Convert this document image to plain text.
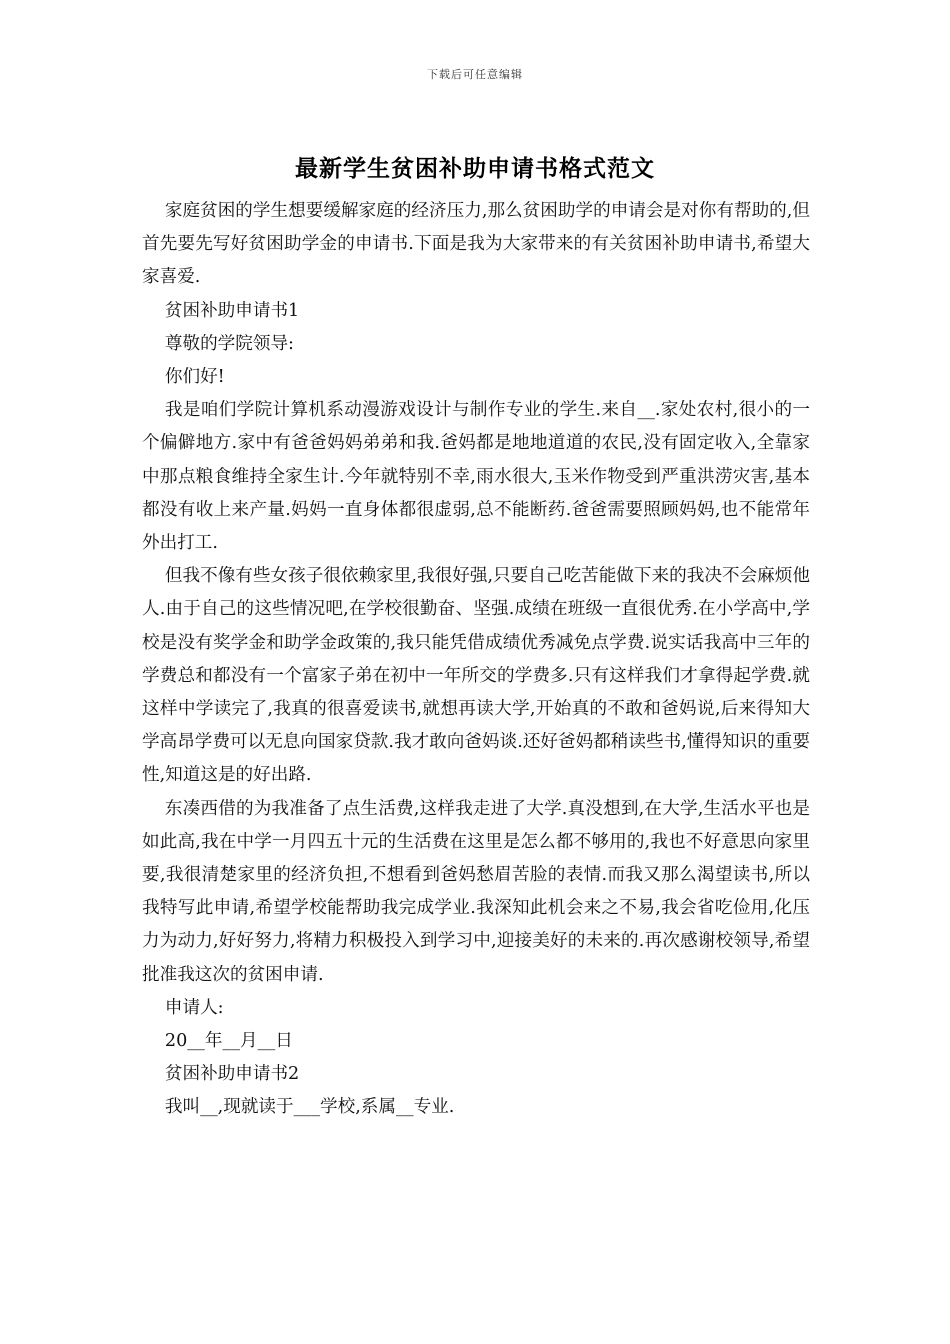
下载后可任意编辑
最新学生贫困补助申请书格式范文

家庭贫困的学生想要缓解家庭的经济压力,那么贫困助学的申请会是对你有帮助的,但首先要先写好贫困助学金的申请书.下面是我为大家带来的有关贫困补助申请书,希望大家喜爱.

贫困补助申请书1

尊敬的学院领导:

你们好!

我是咱们学院计算机系动漫游戏设计与制作专业的学生.来自__.家处农村,很小的一个偏僻地方.家中有爸爸妈妈弟弟和我.爸妈都是地地道道的农民,没有固定收入,全靠家中那点粮食维持全家生计.今年就特别不幸,雨水很大,玉米作物受到严重洪涝灾害,基本都没有收上来产量.妈妈一直身体都很虚弱,总不能断药.爸爸需要照顾妈妈,也不能常年外出打工.

但我不像有些女孩子很依赖家里,我很好强,只要自己吃苦能做下来的我决不会麻烦他人.由于自己的这些情况吧,在学校很勤奋、坚强.成绩在班级一直很优秀.在小学高中,学校是没有奖学金和助学金政策的,我只能凭借成绩优秀减免点学费.说实话我高中三年的学费总和都没有一个富家子弟在初中一年所交的学费多.只有这样我们才拿得起学费.就这样中学读完了,我真的很喜爱读书,就想再读大学,开始真的不敢和爸妈说,后来得知大学高昂学费可以无息向国家贷款.我才敢向爸妈谈.还好爸妈都稍读些书,懂得知识的重要性,知道这是的好出路.

东凑西借的为我准备了点生活费,这样我走进了大学.真没想到,在大学,生活水平也是如此高,我在中学一月四五十元的生活费在这里是怎么都不够用的,我也不好意思向家里要,我很清楚家里的经济负担,不想看到爸妈愁眉苦脸的表情.而我又那么渴望读书,所以我特写此申请,希望学校能帮助我完成学业.我深知此机会来之不易,我会省吃俭用,化压力为动力,好好努力,将精力积极投入到学习中,迎接美好的未来的.再次感谢校领导,希望批准我这次的贫困申请.

申请人:

20__年__月__日

贫困补助申请书2

我叫__,现就读于___学校,系属__专业.
